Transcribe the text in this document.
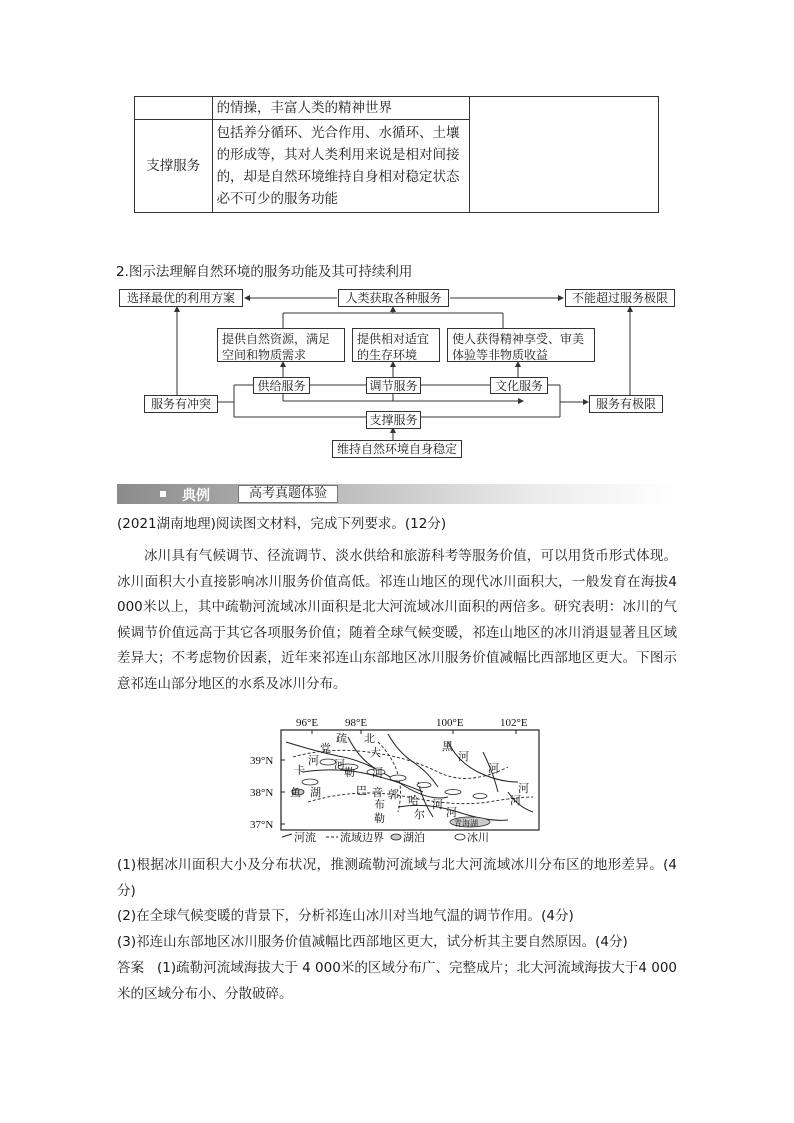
	的情操，丰富人类的精神世界	
支撑服务	包括养分循环、光合作用、水循环、土壤的形成等，其对人类利用来说是相对间接的，却是自然环境维持自身相对稳定状态必不可少的服务功能	
2.图示法理解自然环境的服务功能及其可持续利用
选择最优的利用方案	人类获取各种服务	不能超过服务极限
提供自然资源，满足空间和物质需求
提供相对适宜的生存环境
使人获得精神享受、审美体验等非物质收益
供给服务	调节服务	文化服务
服务有冲突	服务有极限
支撑服务
维持自然环境自身稳定
典例	高考真题体验
(2021湖南地理)阅读图文材料，完成下列要求。(12分)
冰川具有气候调节、径流调节、淡水供给和旅游科考等服务价值，可以用货币形式体现。冰川面积大小直接影响冰川服务价值高低。祁连山地区的现代冰川面积大，一般发育在海拔4 000米以上，其中疏勒河流域冰川面积是北大河流域冰川面积的两倍多。研究表明：冰川的气候调节价值远高于其它各项服务价值；随着全球气候变暖，祁连山地区的冰川消退显著且区域差异大；不考虑物价因素，近年来祁连山东部地区冰川服务价值减幅比西部地区更大。下图示意祁连山部分地区的水系及冰川分布。
96°E 98°E	100°E	102°E
39°N
38°N
37°N
疏
党
北
黑
河 河
大
勒 河
河
河
鱼
卡
湖	巴 音 郭
布
勒
哈 河
尔 河
青海湖
河
河
河流 流域边界 湖泊	冰川
(1)根据冰川面积大小及分布状况，推测疏勒河流域与北大河流域冰川分布区的地形差异。(4分)
(2)在全球气候变暖的背景下，分析祁连山冰川对当地气温的调节作用。(4分)
(3)祁连山东部地区冰川服务价值减幅比西部地区更大，试分析其主要自然原因。(4分)
答案 (1)疏勒河流域海拔大于 4 000米的区域分布广、完整成片；北大河流域海拔大于4 000米的区域分布小、分散破碎。
